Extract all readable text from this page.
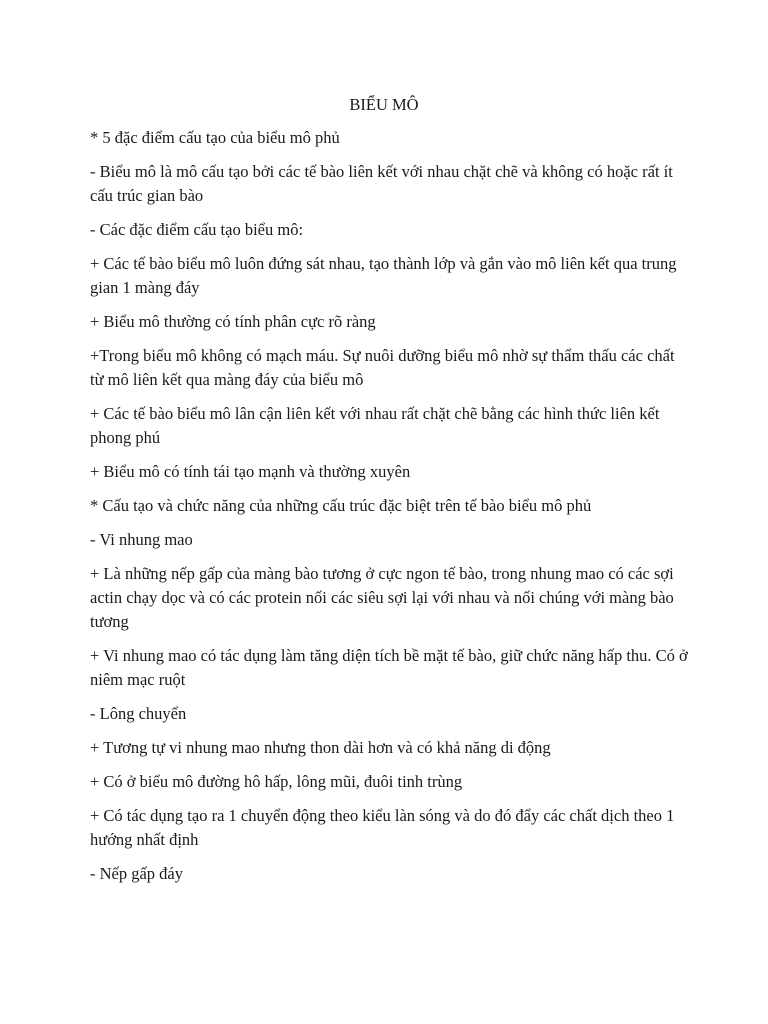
BIỂU MÔ

* 5 đặc điểm cấu tạo của biểu mô phủ

- Biểu mô là mô cấu tạo bởi các tế bào liên kết với nhau chặt chẽ và không có hoặc rất ít cấu trúc gian bào

- Các đặc điểm cấu tạo biểu mô:

+ Các tế bào biểu mô luôn đứng sát nhau, tạo thành lớp và gắn vào mô liên kết qua trung gian 1 màng đáy

+ Biểu mô thường có tính phân cực rõ ràng

+Trong biểu mô không có mạch máu. Sự nuôi dưỡng biểu mô nhờ sự thẩm thấu các chất từ mô liên kết qua màng đáy của biểu mô

+ Các tế bào biểu mô lân cận liên kết với nhau rất chặt chẽ bằng các hình thức liên kết phong phú

+ Biểu mô có tính tái tạo mạnh và thường xuyên

* Cấu tạo và chức năng của những cấu trúc đặc biệt trên tế bào biểu mô phủ

- Vi nhung mao

+ Là những nếp gấp của màng bào tương ở cực ngon tế bào, trong nhung mao có các sợi actin chạy dọc và có các protein nối các siêu sợi lại với nhau và nối chúng với màng bào tương

+ Vi nhung mao có tác dụng làm tăng diện tích bề mặt tế bào, giữ chức năng hấp thu. Có ở niêm mạc ruột

- Lông chuyển

+ Tương tự vi nhung mao nhưng thon dài hơn và có khả năng di động

+ Có ở biểu mô đường hô hấp, lông mũi, đuôi tinh trùng

+ Có tác dụng tạo ra 1 chuyển động theo kiểu làn sóng và do đó đẩy các chất dịch theo 1 hướng nhất định

- Nếp gấp đáy
